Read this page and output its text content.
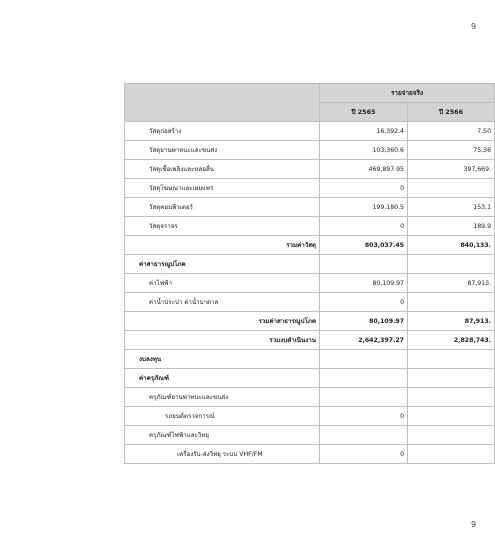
9
	รายจ่ายจริง	
	ปี 2565	ปี 2566
วัสดุก่อสร้าง	16,392.4	7,50
วัสดุยานพาหนะและขนส่ง	103,360.6	75,36
วัสดุเชื้อเพลิงและหล่อลื่น	469,897.95	397,669.
วัสดุโฆษณาและเผยแพร่	0	
วัสดุคอมพิวเตอร์	199,180.5	153,1
วัสดุจราจร	0	189,9
รวมค่าวัสดุ	803,037.45	840,133.
ค่าสาธารณูปโภค		
ค่าไฟฟ้า	80,109.97	87,913.
ค่าน้ำประปา ค่าน้ำบาดาล	0	
รวมค่าสาธารณูปโภค	80,109.97	87,913.
รวมงบดำเนินงาน	2,642,397.27	2,828,743.
งบลงทุน		
ค่าครุภัณฑ์		
ครุภัณฑ์ยานพาหนะและขนส่ง		
รถยนต์ตรวจการณ์	0	
ครุภัณฑ์ไฟฟ้าและวิทยุ		
เครื่องรับ-ส่งวิทยุ ระบบ VHF/FM	0	
9
